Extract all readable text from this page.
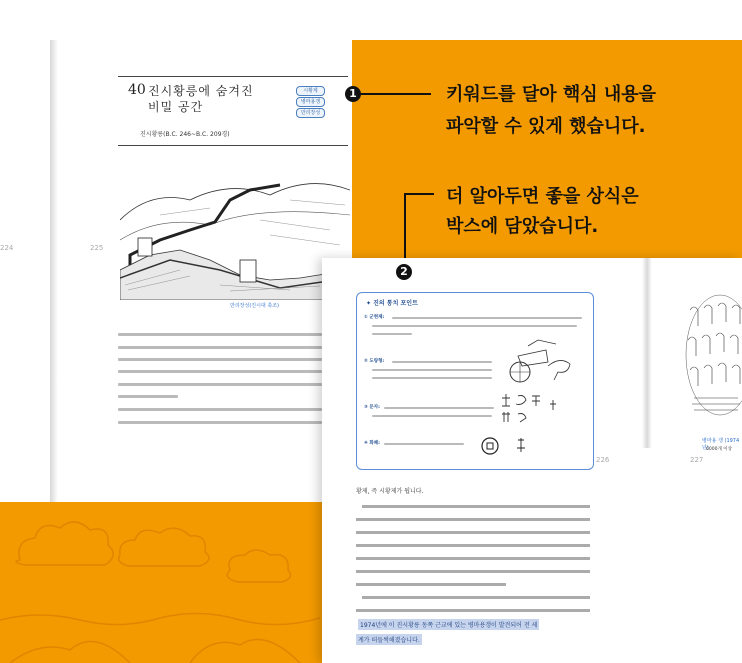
224	225
40 진시황릉에 숨겨진
비밀 공간
진시황릉(B.C. 246~B.C. 209경)
시황제
병마용갱
만리장성
만리장성(진시대 축조)
1	키워드를 달아 핵심 내용을
파악할 수 있게 했습니다.
더 알아두면 좋을 상식은
박스에 담았습니다.
2
✦ 진의 통치 포인트
① 군현제:
② 도량형:
③ 문자:
④ 화폐:
226	227
병마용 갱 (1974년)
6000개 이상
황제, 즉 시황제가 됩니다.
1974년에 이 진시황릉 동쪽 근교에 있는 병마용갱이 발견되어 전 세
계가 떠들썩해졌습니다.
